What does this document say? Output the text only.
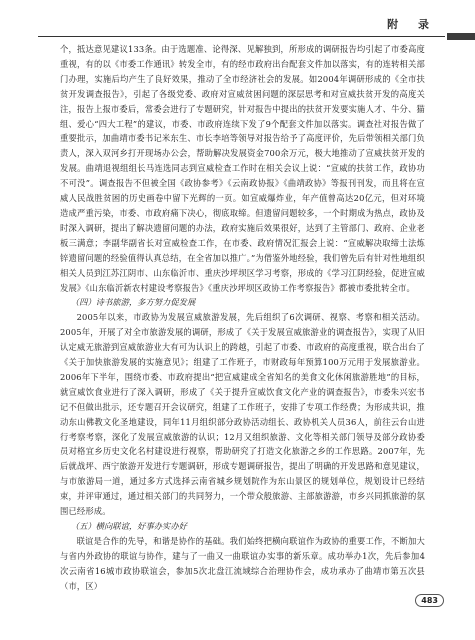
附 录

个，抵达意见建议133条。由于选题准、论得深、见解独到，所形成的调研报告均引起了市委高度重视，有的以《市委工作通讯》转发全市，有的经市政府出台配套文件加以落实，有的连转相关部门办理，实施后均产生了良好效果，推动了全市经济社会的发展。如2004年调研形成的《全市扶贫开发调查报告》，引起了各级党委、政府对宣威贫困问题的深层思考和对宣威扶贫开发的高度关注，报告上报市委后，常委会进行了专题研究，针对报告中提出的扶贫开发要实施人才、牛分、猫组、爱心“四大工程”的建议，市委、市政府连续下发了9个配套文件加以落实。调查社对报告做了重要批示，加曲靖市委书记米东生、市长李培等领导对报告给予了高度评价，先后带领相关部门负责人，深入双河乡打开现场办公会，帮助解决发展资金700余万元，极大地推动了宣威扶贫开发的发展。曲靖退视组组长马连选同志到宣威检查工作时在相关会议上说：“宣威的扶贫工作，政协功不可没”。调查报告不但被全国《政协参考》《云南政协报》《曲靖政协》等报刊刊发，而且将在宣威人民战胜贫困的历史画卷中留下光辉的一页。如宣威爆炸业，年产值曾高达20亿元，但对环境造成严重污染，市委、市政府痛下决心，彻底取缔。但遗留问题较多，一个时期成为热点，政协及时深入调研，提出了解决遗留问题的办法，政府实施后效果很好，达到了主管部门、政府、企业老板三满意；李副华副省长对宣威检查工作，在市委、政府情况汇报会上说：“宣威解决取缔土法炼锌遗留问题的经验值得认真总结，在全省加以推广。”为借鉴外地经验，我们曾先后有针对性地组织相关人员到江苏江阴市、山东临沂市、重庆沙坪坝区学习考察，形成的《学习江阴经验，促进宣威发展》《山东临沂新农村建设考察报告》《重庆沙坪坝区政协工作考察报告》都被市委批转全市。

（四）诗书旅游，多方努力促发展

2005年以来，市政协为发展宣威旅游发展，先后组织了6次调研、视察、考察和相关活动。2005年，开展了对全市旅游发展的调研，形成了《关于发展宣威旅游业的调查报告》，实现了从旧认定威无旅游到宣威旅游业大有可为认识上的跨越，引起了市委、市政府的高度重视，联合出台了《关于加快旅游发展的实施意见》；组建了工作班子，市财政每年预算100万元用于发展旅游业。2006年下半年，围绕市委、市政府提出“把宣威建成全省知名的美食文化休闲旅游胜地”的目标，就宣威饮食业进行了深入调研，形成了《关于提升宣威饮食文化产业的调查报告》，市委朱兴宏书记不但做出批示，还专题召开会议研究，组建了工作班子，安排了专项工作经费；为形成共识，推动东山佛教文化圣地建设，同年11月组织部分政协活动组长、政协机关人员36人，前往云台山进行考察考察，深化了发展宣威旅游的认识；12月又组织旅游、文化等相关部门领导及部分政协委员对格宜乡历史文化名村建设进行视察，帮助研究了打造文化旅游之乡的工作思路。2007年，先后就战坪、西宁旅游开发进行专题调研，形成专题调研报告，提出了明确的开发思路和意见建议，与市旅游局一道，通过多方式选择云南省城乡规划院作为东山景区的规划单位，规划设计已经结束，并评审通过，通过相关部门的共同努力，一个带众般旅游、主部旅游游，市乡兴同抓旅游的氛围已经形成。

（五）横向联谊，好事办实办好

联谊是合作的先导，和谐是协作的基础。我们始终把横向联谊作为政协的重要工作，不断加大与省内外政协的联谊与协作，建与了一曲又一曲联谊办实事的新乐章。成功举办1次，先后参加4次云南省16城市政协联谊会，参加5次北盘江流域综合治理协作会，成功承办了曲靖市第五次县（市，区）

483
